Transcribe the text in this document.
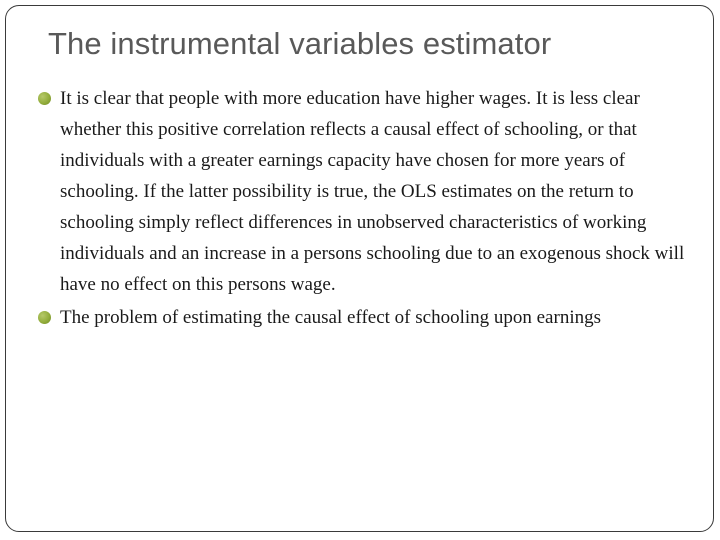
The instrumental variables estimator
It is clear that people with more education have higher wages. It is less clear whether this positive correlation reflects a causal effect of schooling, or that individuals with a greater earnings capacity have chosen for more years of schooling. If the latter possibility is true, the OLS estimates on the return to schooling simply reflect differences in unobserved characteristics of working individuals and an increase in a persons schooling due to an exogenous shock will have no effect on this persons wage.
The problem of estimating the causal effect of schooling upon earnings
